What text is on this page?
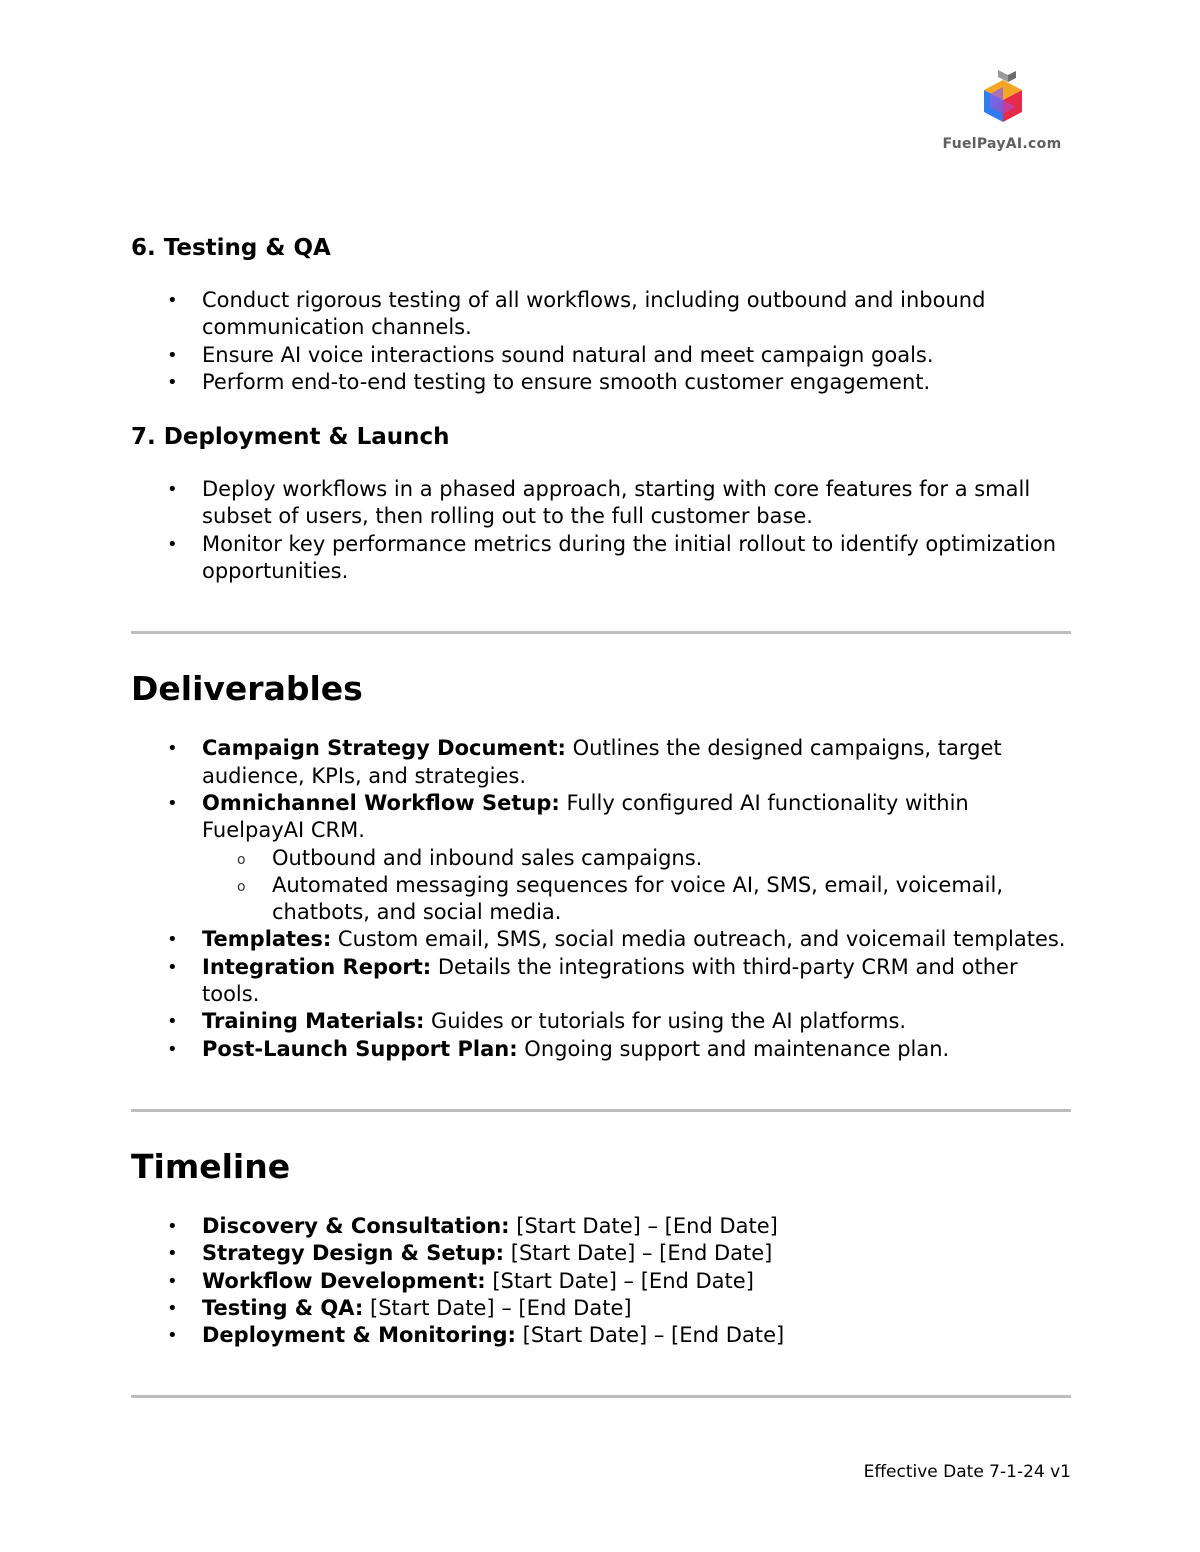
FuelPayAI.com
6. Testing & QA
• Conduct rigorous testing of all workflows, including outbound and inbound communication channels.
• Ensure AI voice interactions sound natural and meet campaign goals.
• Perform end-to-end testing to ensure smooth customer engagement.
7. Deployment & Launch
• Deploy workflows in a phased approach, starting with core features for a small subset of users, then rolling out to the full customer base.
• Monitor key performance metrics during the initial rollout to identify optimization opportunities.
Deliverables
• Campaign Strategy Document: Outlines the designed campaigns, target audience, KPIs, and strategies.
• Omnichannel Workflow Setup: Fully configured AI functionality within FuelpayAI CRM.
o Outbound and inbound sales campaigns.
o Automated messaging sequences for voice AI, SMS, email, voicemail, chatbots, and social media.
• Templates: Custom email, SMS, social media outreach, and voicemail templates.
• Integration Report: Details the integrations with third-party CRM and other tools.
• Training Materials: Guides or tutorials for using the AI platforms.
• Post-Launch Support Plan: Ongoing support and maintenance plan.
Timeline
• Discovery & Consultation: [Start Date] – [End Date]
• Strategy Design & Setup: [Start Date] – [End Date]
• Workflow Development: [Start Date] – [End Date]
• Testing & QA: [Start Date] – [End Date]
• Deployment & Monitoring: [Start Date] – [End Date]
Effective Date 7-1-24 v1
